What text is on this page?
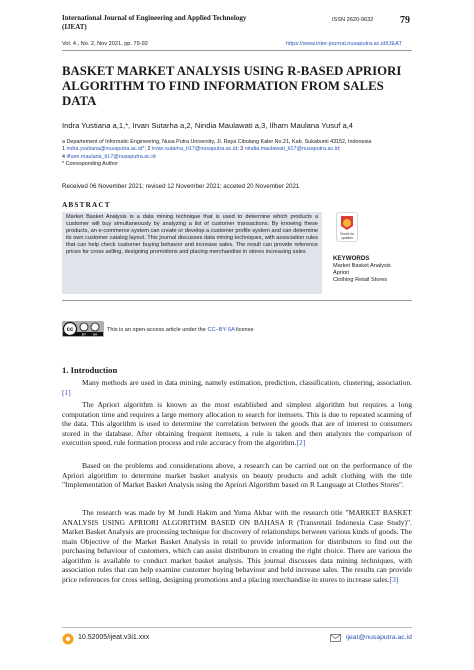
International Journal of Engineering and Applied Technology
(IJEAT)
Vol. 4., No. 2, Nov 2021, pp. 79-92
ISSN 2620-9632	79
https://www.inter-journal.nusaputra.ac.id/IJEAT
BASKET MARKET ANALYSIS USING R-BASED APRIORI ALGORITHM TO FIND INFORMATION FROM SALES DATA
Indra Yustiana a,1,*, Irvan Sutarha a,2, Nindia Maulawati a,3, Ilham Maulana Yusuf a,4
a Departement of Informatic Engineering, Nusa Putra University, Jl. Raya Cibolang Kaler No.21, Kab. Sukabumi 43152, Indonesia
1 indra.yustiana@nusaputra.ac.id*; 2 irvan.sutarha_ti17@nusaputra.ac.id; 3 nindia.maulawati_ti17@nusaputra.ac.id;
4 ilham.maulana_ti17@nusaputra.ac.id
* Corresponding Author
Received 06 November 2021; revised 12 November 2021; acceted 20 November 2021
ABSTRACT
Market Basket Analysis is a data mining technique that is used to determine which products a customer will buy simultaneously by analyzing a list of customer transactions. By knowing these products, an e-commerce system can create or develop a customer profile system and can determine its own customer catalog layout. This journal discusses data mining techniques, with association rules that can help check customer buying behavior and increase sales. The result can provide reference prices for cross selling, designing promotions and placing merchandise in stores increasing sales
Check for
updates
KEYWORDS
Market Basket Analysis
Apriori
Clothing Retail Stores
cc
BY SA
This is an open-access article under the CC–BY-SA license
1. Introduction
Many methods are used in data mining, namely estimation, prediction, classification, clustering, association.[1]
The Apriori algorithm is known as the most established and simplest algorithm but requires a long computation time and requires a large memory allocation to search for itemsets. This is due to repeated scanning of the data. This algorithm is used to determine the correlation between the goods that are of interest to consumers stored in the database. After obtaining frequent itemsets, a rule is taken and then analyzes the comparison of execution speed, rule formation process and rule accuracy from the algorithm.[2]
Based on the problems and considerations above, a research can be carried out on the performance of the Apriori algorithm to determine market basket analysis on beauty products and adult clothing with the title "Implementation of Market Basket Analysis using the Apriori Algorithm based on R Language at Clothes Stores".
The research was made by M Jundi Hakim and Yuma Akbar with the research title "MARKET BASKET ANALYSIS USING APRIORI ALGORITHM BASED ON BAHASA R (Transretail Indonesia Case Study)". Market Basket Analysis are processing technique for discovery of relationships between various kinds of goods. The main Objective of the Market Basket Analysis in retail to provide information for distributors to find out the purchasing behaviour of customers, which can assist distributors in creating the right choice. There are various the algorithm is available to conduct market basket analysis. This journal discusses data mining techniques, with association rules that can help examine customer buying behaviour and held increase sales. The results can provide price references for cross selling, designing promotions and a placing merchandise in stores to increase sales.[3]
10.52005/ijeat.v3i1.xxx	ijeat@nusaputra.ac.id
